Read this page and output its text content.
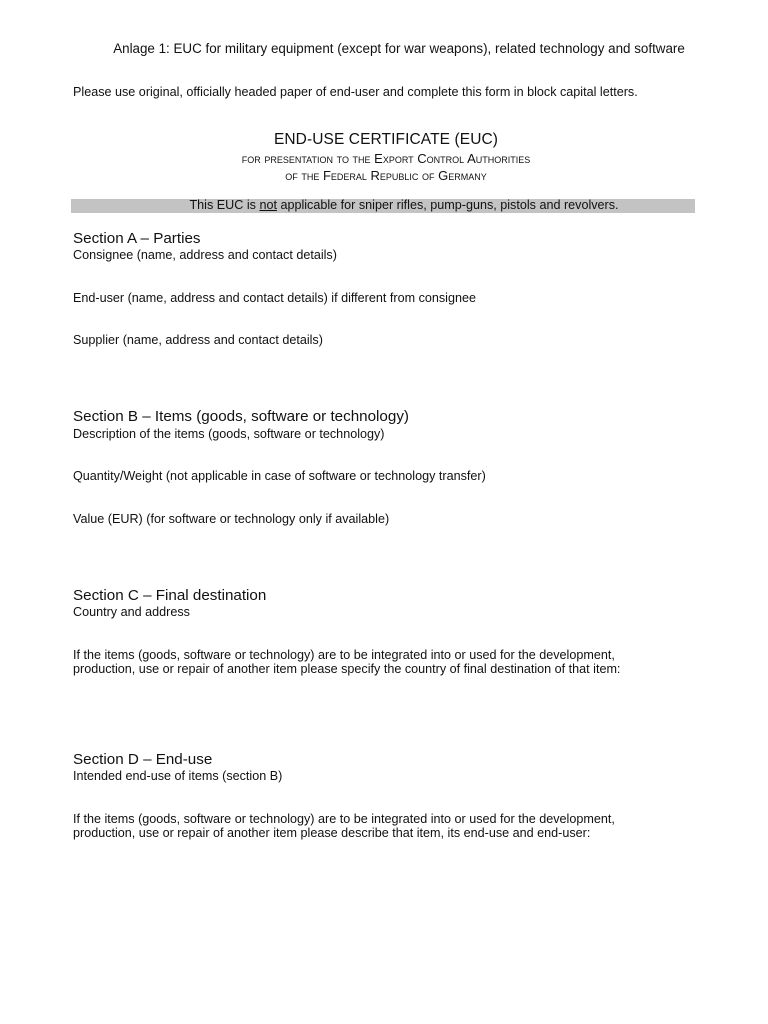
Anlage 1: EUC for military equipment (except for war weapons), related technology and software
Please use original, officially headed paper of end-user and complete this form in block capital letters.
END-USE CERTIFICATE (EUC)
for presentation to the Export Control Authorities
of the Federal Republic of Germany
This EUC is not applicable for sniper rifles, pump-guns, pistols and revolvers.
Section A – Parties
Consignee (name, address and contact details)
End-user (name, address and contact details) if different from consignee
Supplier (name, address and contact details)
Section B – Items (goods, software or technology)
Description of the items (goods, software or technology)
Quantity/Weight (not applicable in case of software or technology transfer)
Value (EUR) (for software or technology only if available)
Section C – Final destination
Country and address
If the items (goods, software or technology) are to be integrated into or used for the development,
production, use or repair of another item please specify the country of final destination of that item:
Section D – End-use
Intended end-use of items (section B)
If the items (goods, software or technology) are to be integrated into or used for the development,
production, use or repair of another item please describe that item, its end-use and end-user:
